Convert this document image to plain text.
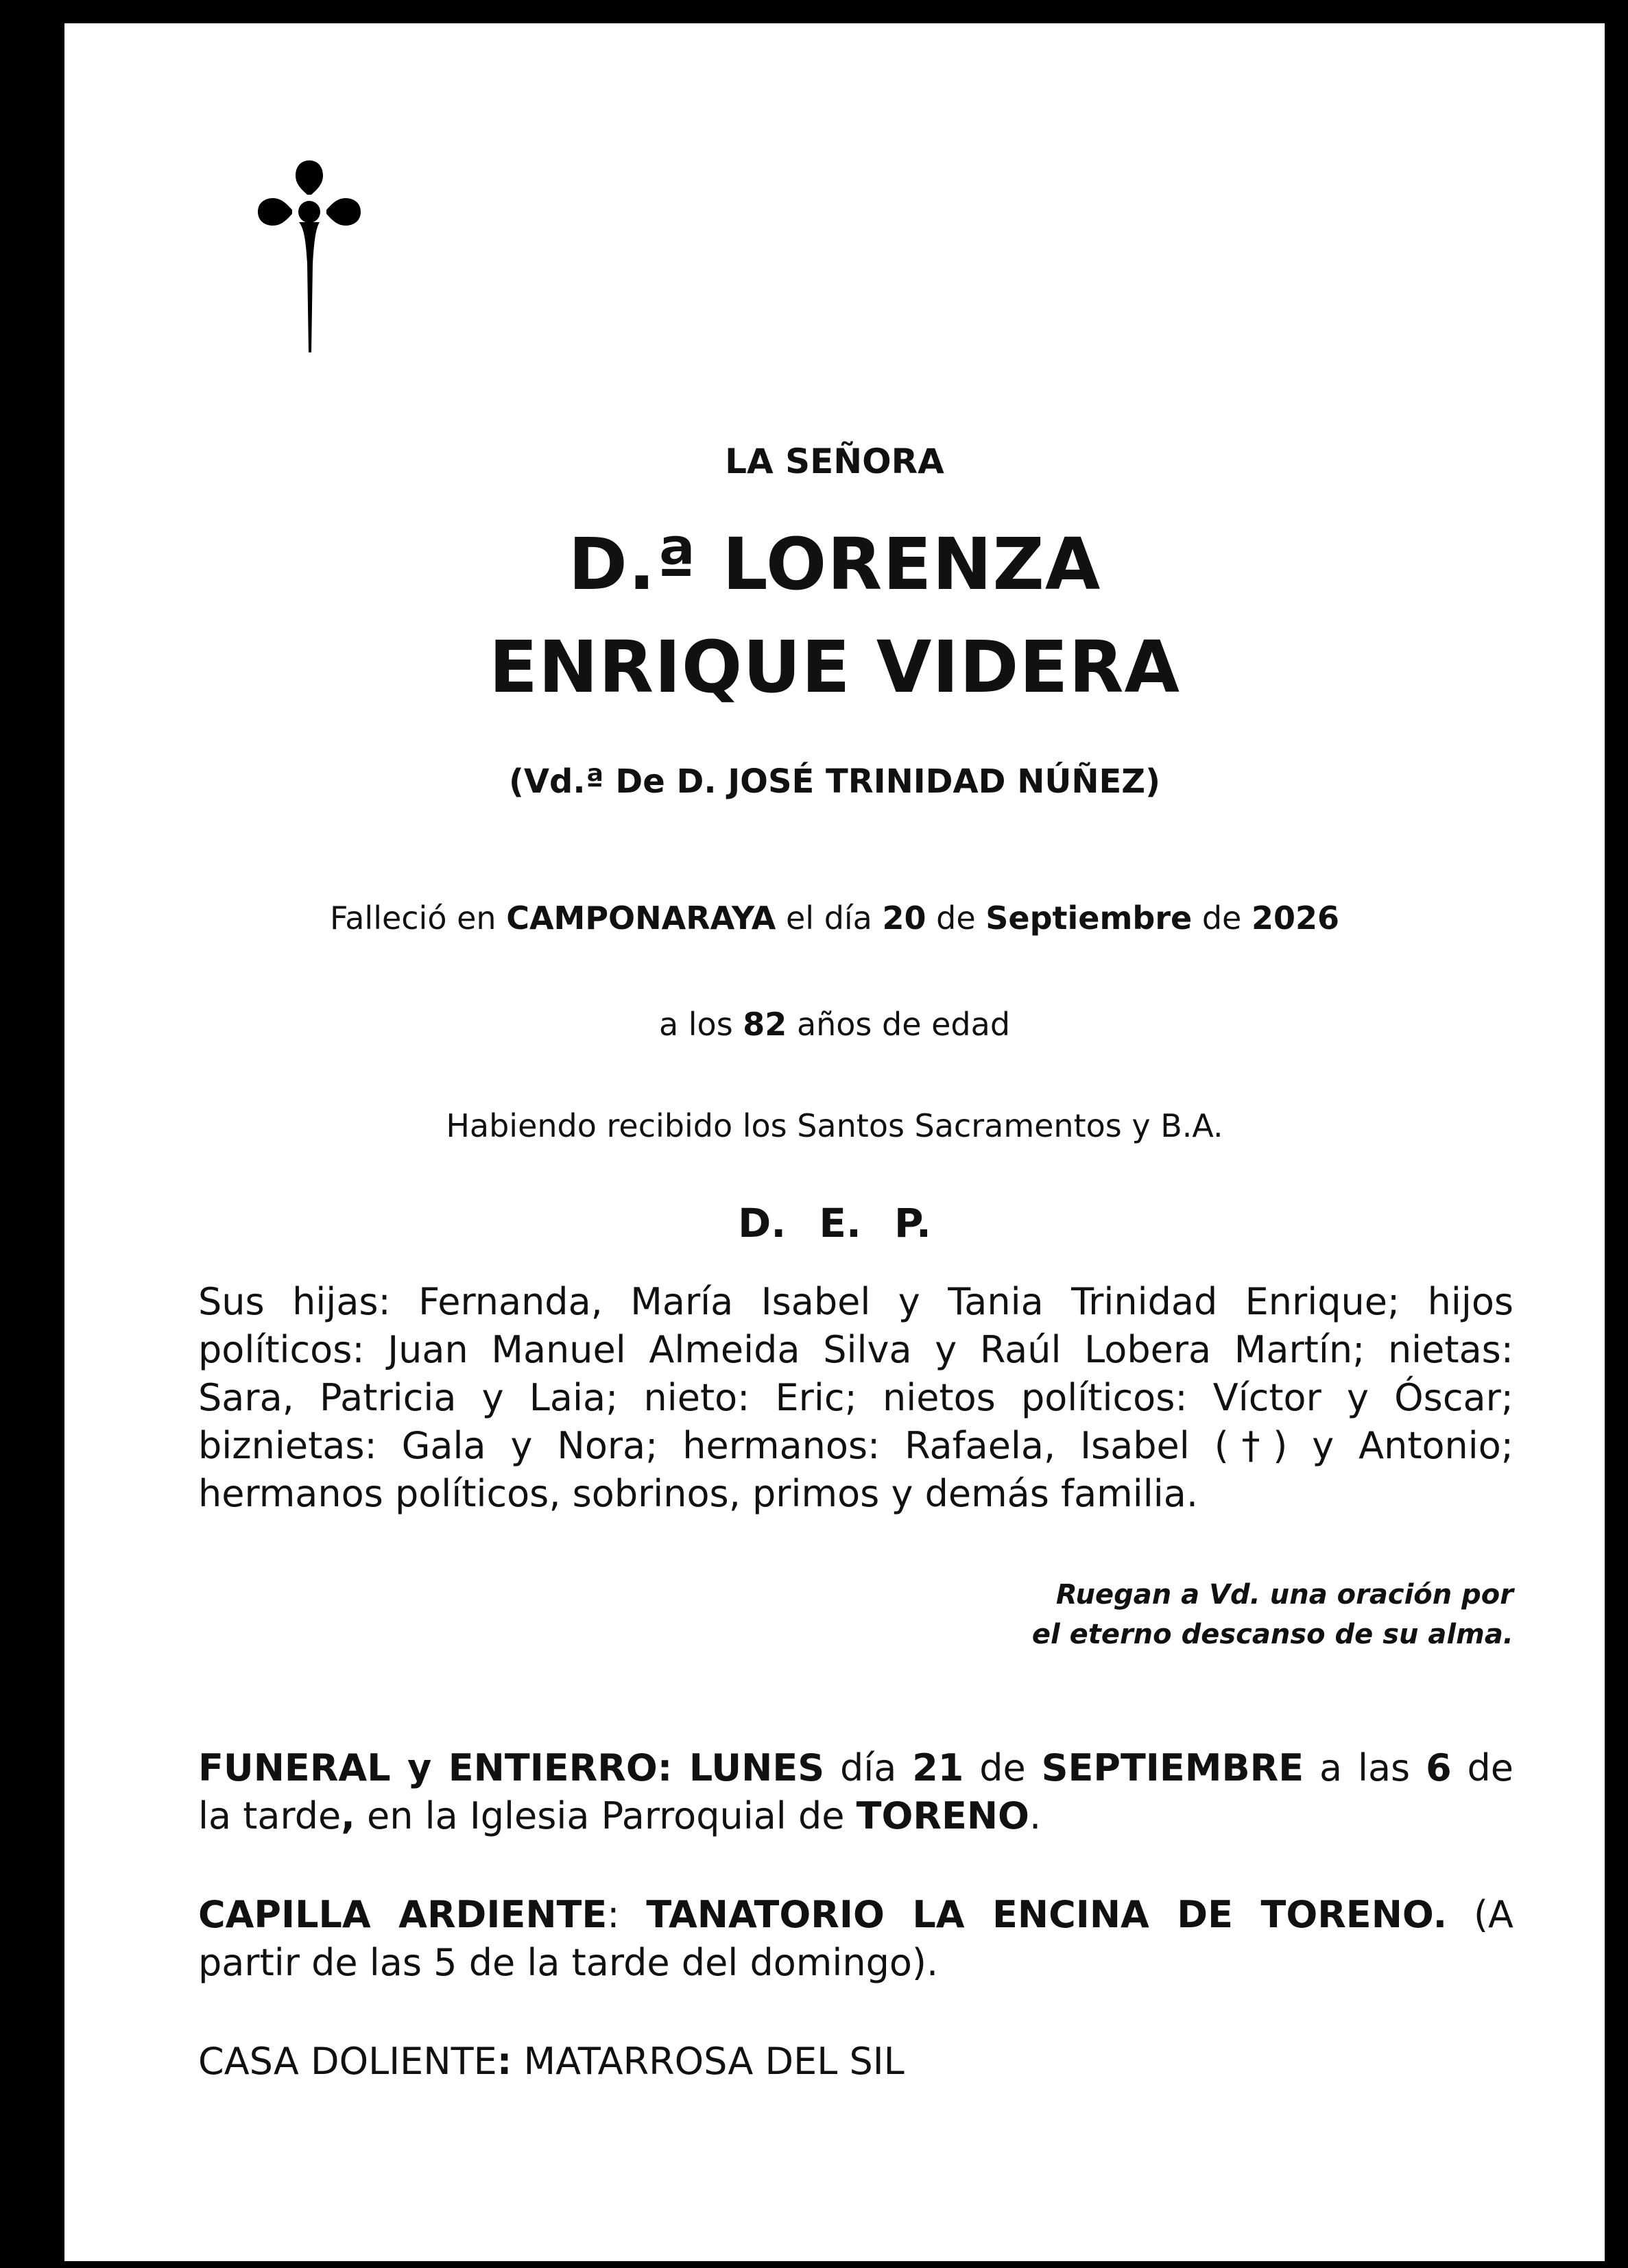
LA SEÑORA
D.ª LORENZA
ENRIQUE VIDERA
(Vd.ª De D. JOSÉ TRINIDAD NÚÑEZ)
Falleció en CAMPONARAYA el día 20 de Septiembre de 2026
a los 82 años de edad
Habiendo recibido los Santos Sacramentos y B.A.
D. E. P.

Sus hijas: Fernanda, María Isabel y Tania Trinidad Enrique; hijos políticos: Juan Manuel Almeida Silva y Raúl Lobera Martín; nietas: Sara, Patricia y Laia; nieto: Eric; nietos políticos: Víctor y Óscar; biznietas: Gala y Nora; hermanos: Rafaela, Isabel (†) y Antonio; hermanos políticos, sobrinos, primos y demás familia.

Ruegan a Vd. una oración por
el eterno descanso de su alma.

FUNERAL y ENTIERRO: LUNES día 21 de SEPTIEMBRE a las 6 de la tarde, en la Iglesia Parroquial de TORENO.

CAPILLA ARDIENTE: TANATORIO LA ENCINA DE TORENO. (A partir de las 5 de la tarde del domingo).

CASA DOLIENTE: MATARROSA DEL SIL
